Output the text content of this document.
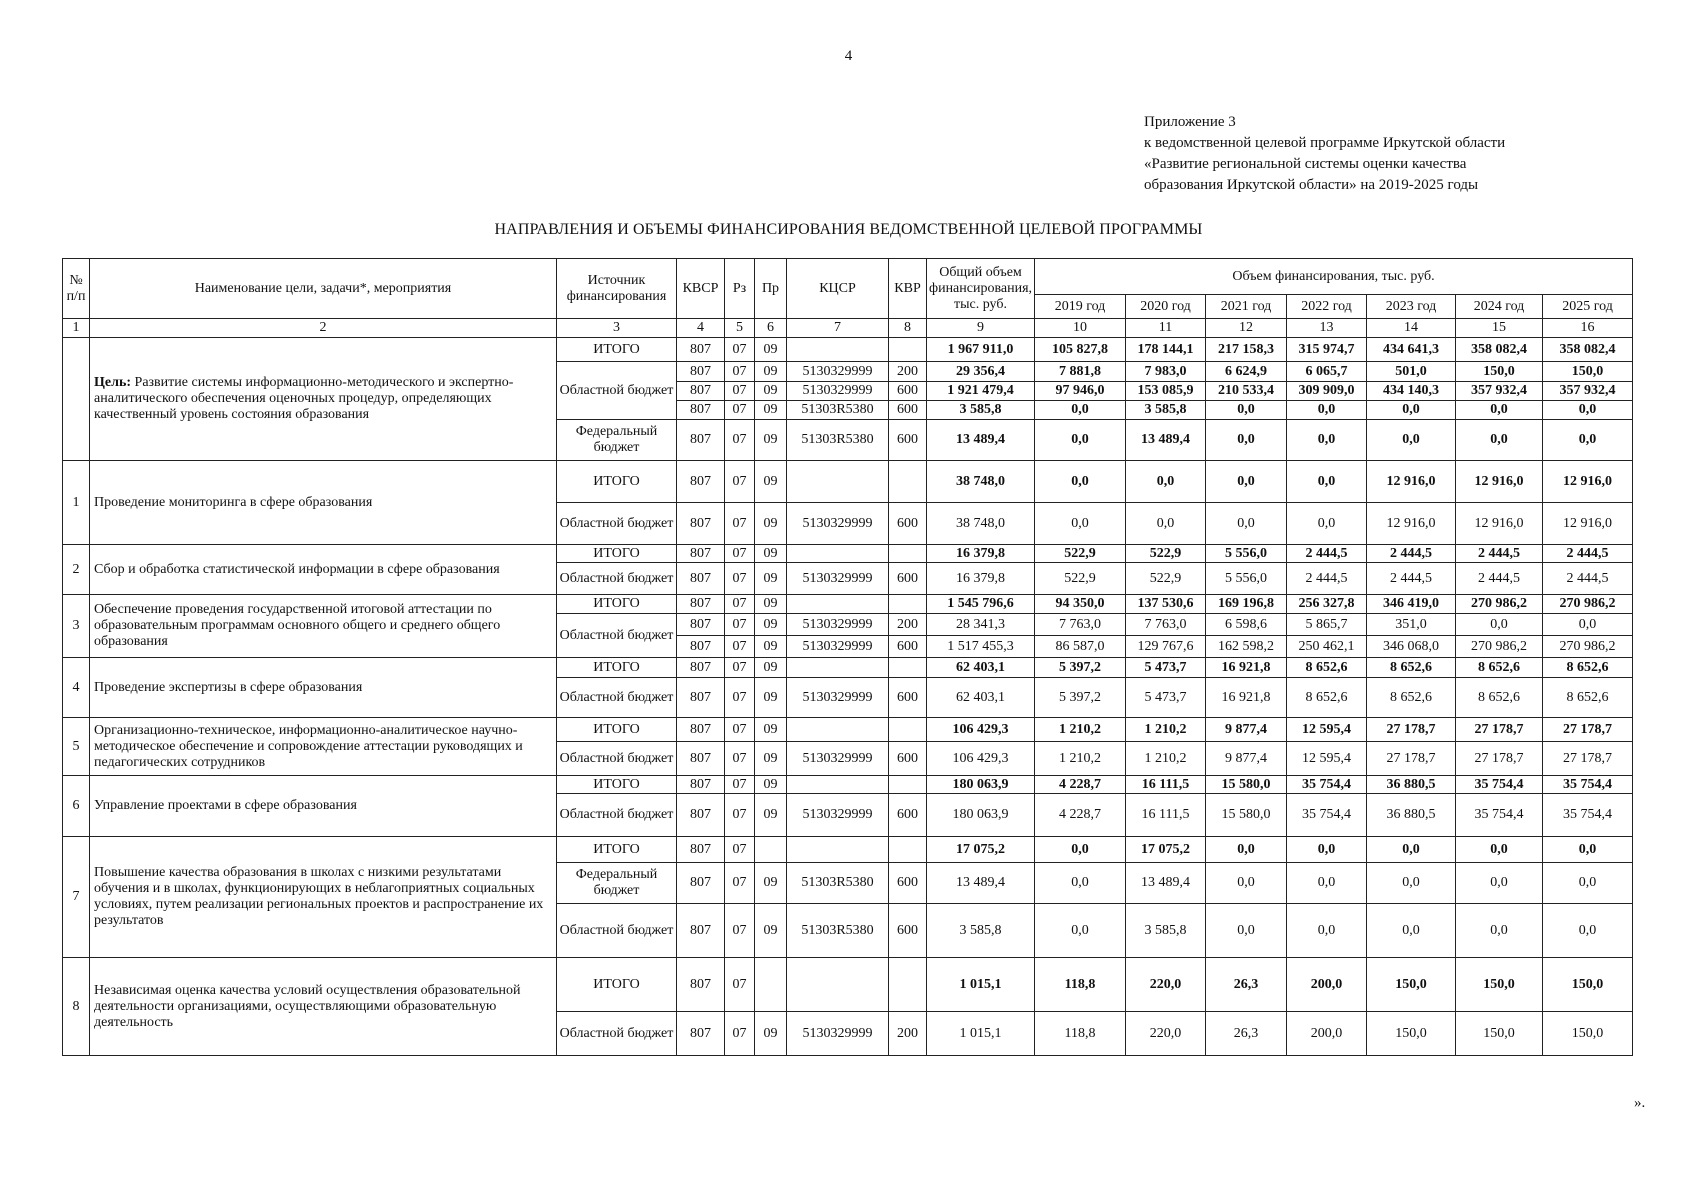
4
Приложение 3
к ведомственной целевой программе Иркутской области
«Развитие региональной системы оценки качества
образования Иркутской области» на 2019-2025 годы
НАПРАВЛЕНИЯ И ОБЪЕМЫ ФИНАНСИРОВАНИЯ ВЕДОМСТВЕННОЙ ЦЕЛЕВОЙ ПРОГРАММЫ
№ п/п	Наименование цели, задачи*, мероприятия	Источник финансирования	КВСР	Рз	Пр	КЦСР	КВР	Общий объем финансирования, тыс. руб.	Объем финансирования, тыс. руб.						
									2019 год	2020 год	2021 год	2022 год	2023 год	2024 год	2025 год
1	2	3	4	5	6	7	8	9	10	11	12	13	14	15	16
	Цель: Развитие системы информационно-методического и экспертно-аналитического обеспечения оценочных процедур, определяющих качественный уровень состояния образования	ИТОГО	807	07	09			1 967 911,0	105 827,8	178 144,1	217 158,3	315 974,7	434 641,3	358 082,4	358 082,4
		Областной бюджет	807	07	09	5130329999	200	29 356,4	7 881,8	7 983,0	6 624,9	6 065,7	501,0	150,0	150,0
			807	07	09	5130329999	600	1 921 479,4	97 946,0	153 085,9	210 533,4	309 909,0	434 140,3	357 932,4	357 932,4
			807	07	09	51303R5380	600	3 585,8	0,0	3 585,8	0,0	0,0	0,0	0,0	0,0
		Федеральный бюджет	807	07	09	51303R5380	600	13 489,4	0,0	13 489,4	0,0	0,0	0,0	0,0	0,0
1	Проведение мониторинга в сфере образования	ИТОГО	807	07	09			38 748,0	0,0	0,0	0,0	0,0	12 916,0	12 916,0	12 916,0
		Областной бюджет	807	07	09	5130329999	600	38 748,0	0,0	0,0	0,0	0,0	12 916,0	12 916,0	12 916,0
2	Сбор и обработка статистической информации в сфере образования	ИТОГО	807	07	09			16 379,8	522,9	522,9	5 556,0	2 444,5	2 444,5	2 444,5	2 444,5
		Областной бюджет	807	07	09	5130329999	600	16 379,8	522,9	522,9	5 556,0	2 444,5	2 444,5	2 444,5	2 444,5
3	Обеспечение проведения государственной итоговой аттестации по образовательным программам основного общего и среднего общего образования	ИТОГО	807	07	09			1 545 796,6	94 350,0	137 530,6	169 196,8	256 327,8	346 419,0	270 986,2	270 986,2
		Областной бюджет	807	07	09	5130329999	200	28 341,3	7 763,0	7 763,0	6 598,6	5 865,7	351,0	0,0	0,0
			807	07	09	5130329999	600	1 517 455,3	86 587,0	129 767,6	162 598,2	250 462,1	346 068,0	270 986,2	270 986,2
4	Проведение экспертизы в сфере образования	ИТОГО	807	07	09			62 403,1	5 397,2	5 473,7	16 921,8	8 652,6	8 652,6	8 652,6	8 652,6
		Областной бюджет	807	07	09	5130329999	600	62 403,1	5 397,2	5 473,7	16 921,8	8 652,6	8 652,6	8 652,6	8 652,6
5	Организационно-техническое, информационно-аналитическое научно-методическое обеспечение и сопровождение аттестации руководящих и педагогических сотрудников	ИТОГО	807	07	09			106 429,3	1 210,2	1 210,2	9 877,4	12 595,4	27 178,7	27 178,7	27 178,7
		Областной бюджет	807	07	09	5130329999	600	106 429,3	1 210,2	1 210,2	9 877,4	12 595,4	27 178,7	27 178,7	27 178,7
6	Управление проектами в сфере образования	ИТОГО	807	07	09			180 063,9	4 228,7	16 111,5	15 580,0	35 754,4	36 880,5	35 754,4	35 754,4
		Областной бюджет	807	07	09	5130329999	600	180 063,9	4 228,7	16 111,5	15 580,0	35 754,4	36 880,5	35 754,4	35 754,4
7	Повышение качества образования в школах с низкими результатами обучения и в школах, функционирующих в неблагоприятных социальных условиях, путем реализации региональных проектов и распространение их результатов	ИТОГО	807	07				17 075,2	0,0	17 075,2	0,0	0,0	0,0	0,0	0,0
		Федеральный бюджет	807	07	09	51303R5380	600	13 489,4	0,0	13 489,4	0,0	0,0	0,0	0,0	0,0
		Областной бюджет	807	07	09	51303R5380	600	3 585,8	0,0	3 585,8	0,0	0,0	0,0	0,0	0,0
8	Независимая оценка качества условий осуществления образовательной деятельности организациями, осуществляющими образовательную деятельность	ИТОГО	807	07				1 015,1	118,8	220,0	26,3	200,0	150,0	150,0	150,0
		Областной бюджет	807	07	09	5130329999	200	1 015,1	118,8	220,0	26,3	200,0	150,0	150,0	150,0
».
